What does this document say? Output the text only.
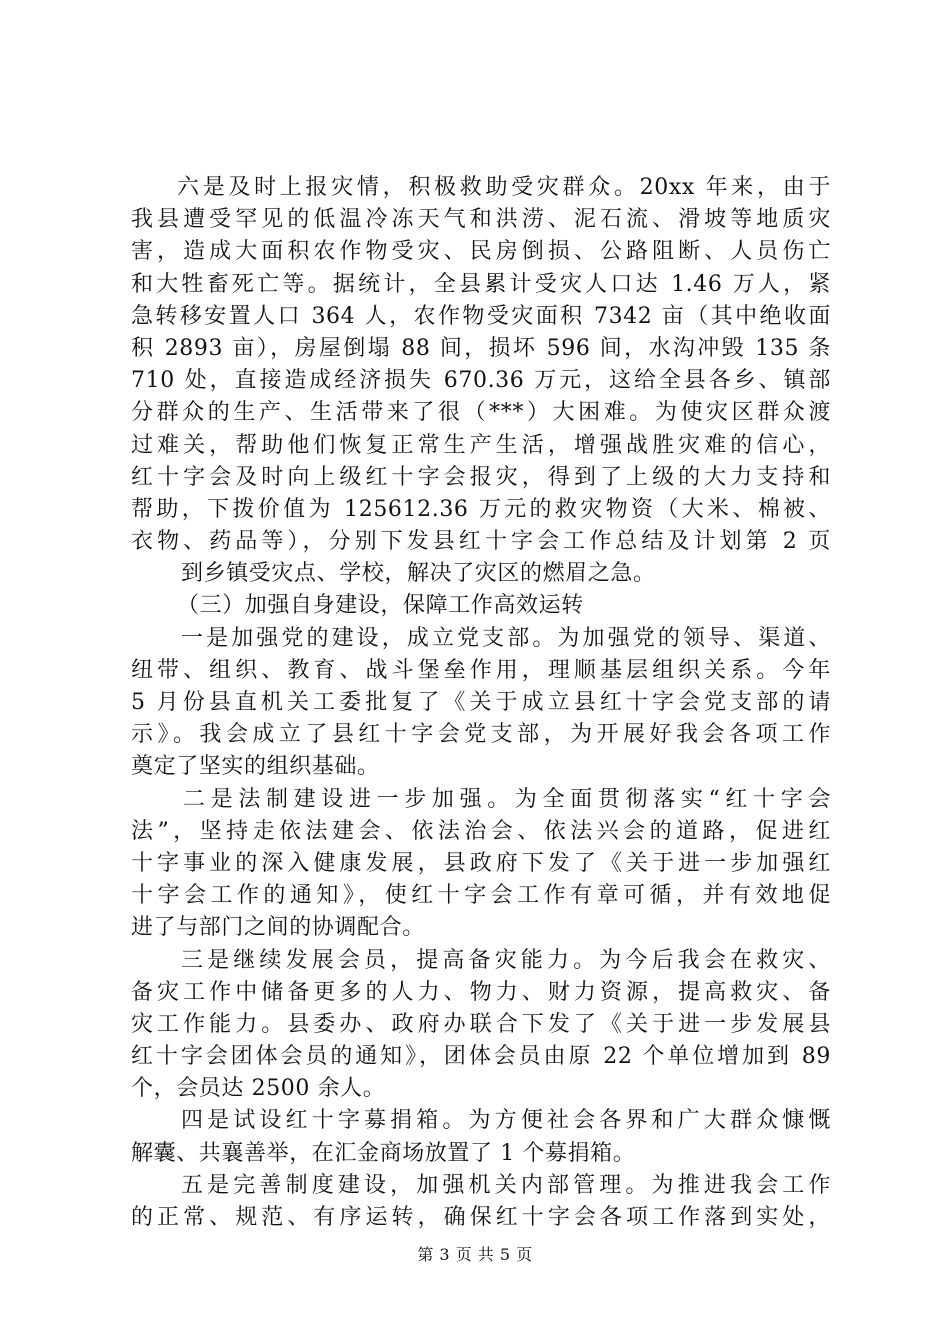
六是及时上报灾情，积极救助受灾群众。20xx 年来，由于
我县遭受罕见的低温冷冻天气和洪涝、泥石流、滑坡等地质灾
害，造成大面积农作物受灾、民房倒损、公路阻断、人员伤亡
和大牲畜死亡等。据统计，全县累计受灾人口达 1.46 万人，紧
急转移安置人口 364 人，农作物受灾面积 7342 亩（其中绝收面
积 2893 亩），房屋倒塌 88 间，损坏 596 间，水沟冲毁 135 条
710 处，直接造成经济损失 670.36 万元，这给全县各乡、镇部
分群众的生产、生活带来了很（***）大困难。为使灾区群众渡
过难关，帮助他们恢复正常生产生活，增强战胜灾难的信心，
红十字会及时向上级红十字会报灾，得到了上级的大力支持和
帮助，下拨价值为 125612.36 万元的救灾物资（大米、棉被、
衣物、药品等），分别下发县红十字会工作总结及计划第 2 页
到乡镇受灾点、学校，解决了灾区的燃眉之急。
（三）加强自身建设，保障工作高效运转
一是加强党的建设，成立党支部。为加强党的领导、渠道、
纽带、组织、教育、战斗堡垒作用，理顺基层组织关系。今年
5 月份县直机关工委批复了《关于成立县红十字会党支部的请
示》。我会成立了县红十字会党支部，为开展好我会各项工作
奠定了坚实的组织基础。
二是法制建设进一步加强。为全面贯彻落实“红十字会
法”，坚持走依法建会、依法治会、依法兴会的道路，促进红
十字事业的深入健康发展，县政府下发了《关于进一步加强红
十字会工作的通知》，使红十字会工作有章可循，并有效地促
进了与部门之间的协调配合。
三是继续发展会员，提高备灾能力。为今后我会在救灾、
备灾工作中储备更多的人力、物力、财力资源，提高救灾、备
灾工作能力。县委办、政府办联合下发了《关于进一步发展县
红十字会团体会员的通知》，团体会员由原 22 个单位增加到 89
个，会员达 2500 余人。
四是试设红十字募捐箱。为方便社会各界和广大群众慷慨
解囊、共襄善举，在汇金商场放置了 1 个募捐箱。
五是完善制度建设，加强机关内部管理。为推进我会工作
的正常、规范、有序运转，确保红十字会各项工作落到实处，
第 3 页 共 5 页
